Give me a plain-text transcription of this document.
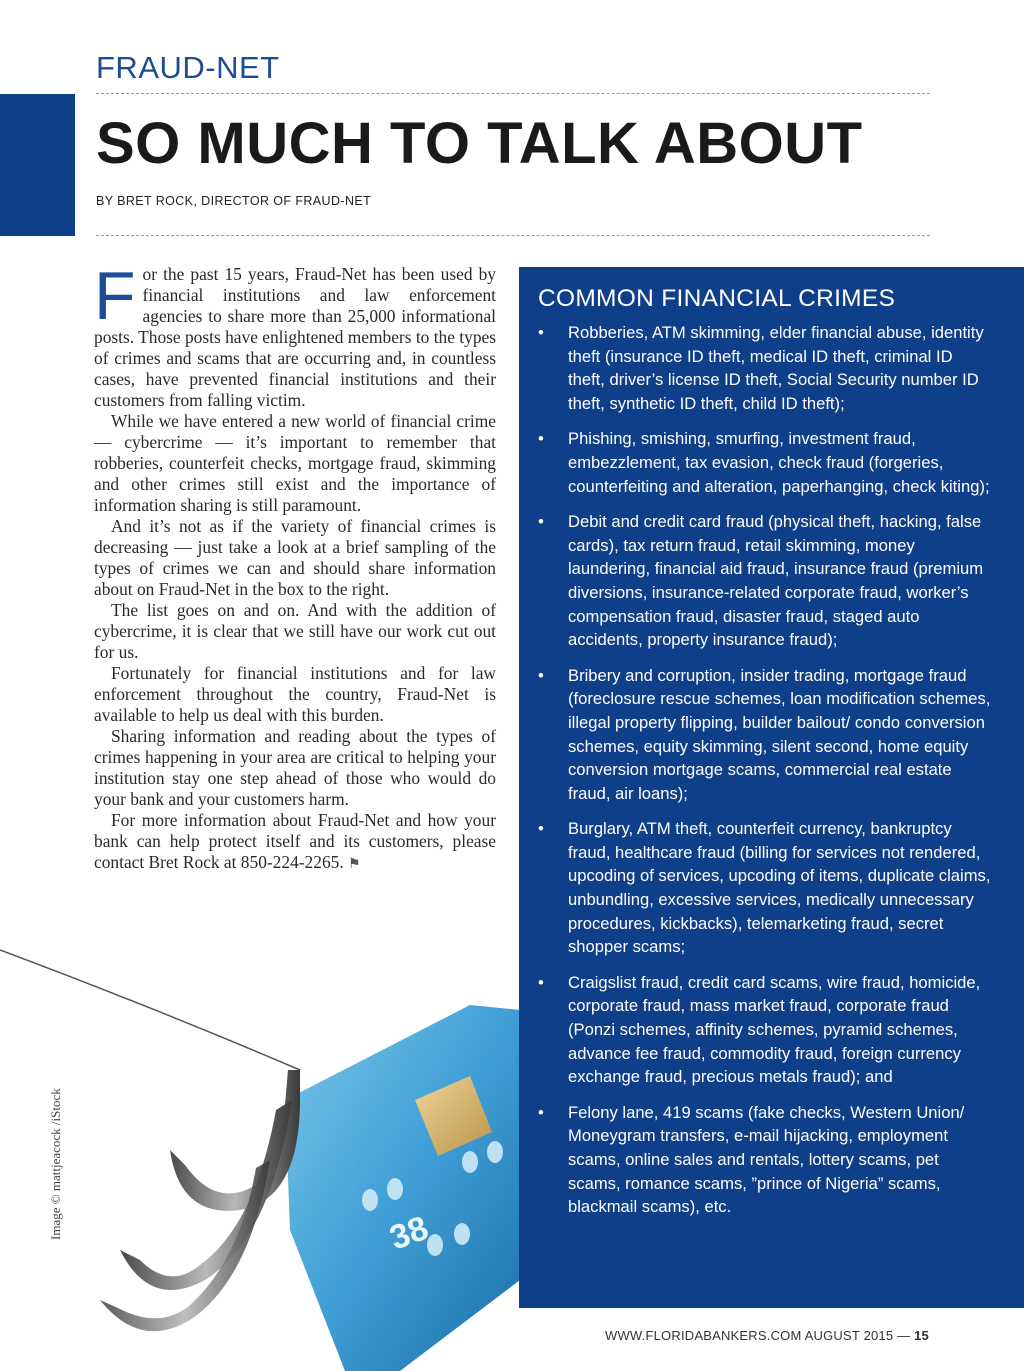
FRAUD-NET
SO MUCH TO TALK ABOUT

BY BRET ROCK, DIRECTOR OF FRAUD-NET

For the past 15 years, Fraud-Net has been used by financial institutions and law enforcement agencies to share more than 25,000 informational posts. Those posts have enlightened members to the types of crimes and scams that are occurring and, in countless cases, have prevented financial institutions and their customers from falling victim.

While we have entered a new world of financial crime — cybercrime — it’s important to remember that robberies, counterfeit checks, mortgage fraud, skimming and other crimes still exist and the importance of information sharing is still paramount.

And it’s not as if the variety of financial crimes is decreasing — just take a look at a brief sampling of the types of crimes we can and should share information about on Fraud-Net in the box to the right.

The list goes on and on. And with the addition of cybercrime, it is clear that we still have our work cut out for us.

Fortunately for financial institutions and for law enforcement throughout the country, Fraud-Net is available to help us deal with this burden.

Sharing information and reading about the types of crimes happening in your area are critical to helping your institution stay one step ahead of those who would do your bank and your customers harm.

For more information about Fraud-Net and how your bank can help protect itself and its customers, please contact Bret Rock at 850-224-2265. ⚑

38
Image © mattjeacock /iStock
COMMON FINANCIAL CRIMES
•	Robberies, ATM skimming, elder financial abuse, identity theft (insurance ID theft, medical ID theft, criminal ID theft, driver’s license ID theft, Social Security number ID theft, synthetic ID theft, child ID theft);
•	Phishing, smishing, smurfing, investment fraud, embezzlement, tax evasion, check fraud (forgeries, counterfeiting and alteration, paperhanging, check kiting);
•	Debit and credit card fraud (physical theft, hacking, false cards), tax return fraud, retail skimming, money laundering, financial aid fraud, insurance fraud (premium diversions, insurance-related corporate fraud, worker’s compensation fraud, disaster fraud, staged auto accidents, property insurance fraud);
•	Bribery and corruption, insider trading, mortgage fraud (foreclosure rescue schemes, loan modification schemes, illegal property flipping, builder bailout/ condo conversion schemes, equity skimming, silent second, home equity conversion mortgage scams, commercial real estate fraud, air loans);
•	Burglary, ATM theft, counterfeit currency, bankruptcy fraud, healthcare fraud (billing for services not rendered, upcoding of services, upcoding of items, duplicate claims, unbundling, excessive services, medically unnecessary procedures, kickbacks), telemarketing fraud, secret shopper scams;
•	Craigslist fraud, credit card scams, wire fraud, homicide, corporate fraud, mass market fraud, corporate fraud (Ponzi schemes, affinity schemes, pyramid schemes, advance fee fraud, commodity fraud, foreign currency exchange fraud, precious metals fraud); and
•	Felony lane, 419 scams (fake checks, Western Union/ Moneygram transfers, e-mail hijacking, employment scams, online sales and rentals, lottery scams, pet scams, romance scams, ”prince of Nigeria” scams, blackmail scams), etc.
WWW.FLORIDABANKERS.COM AUGUST 2015 — 15
